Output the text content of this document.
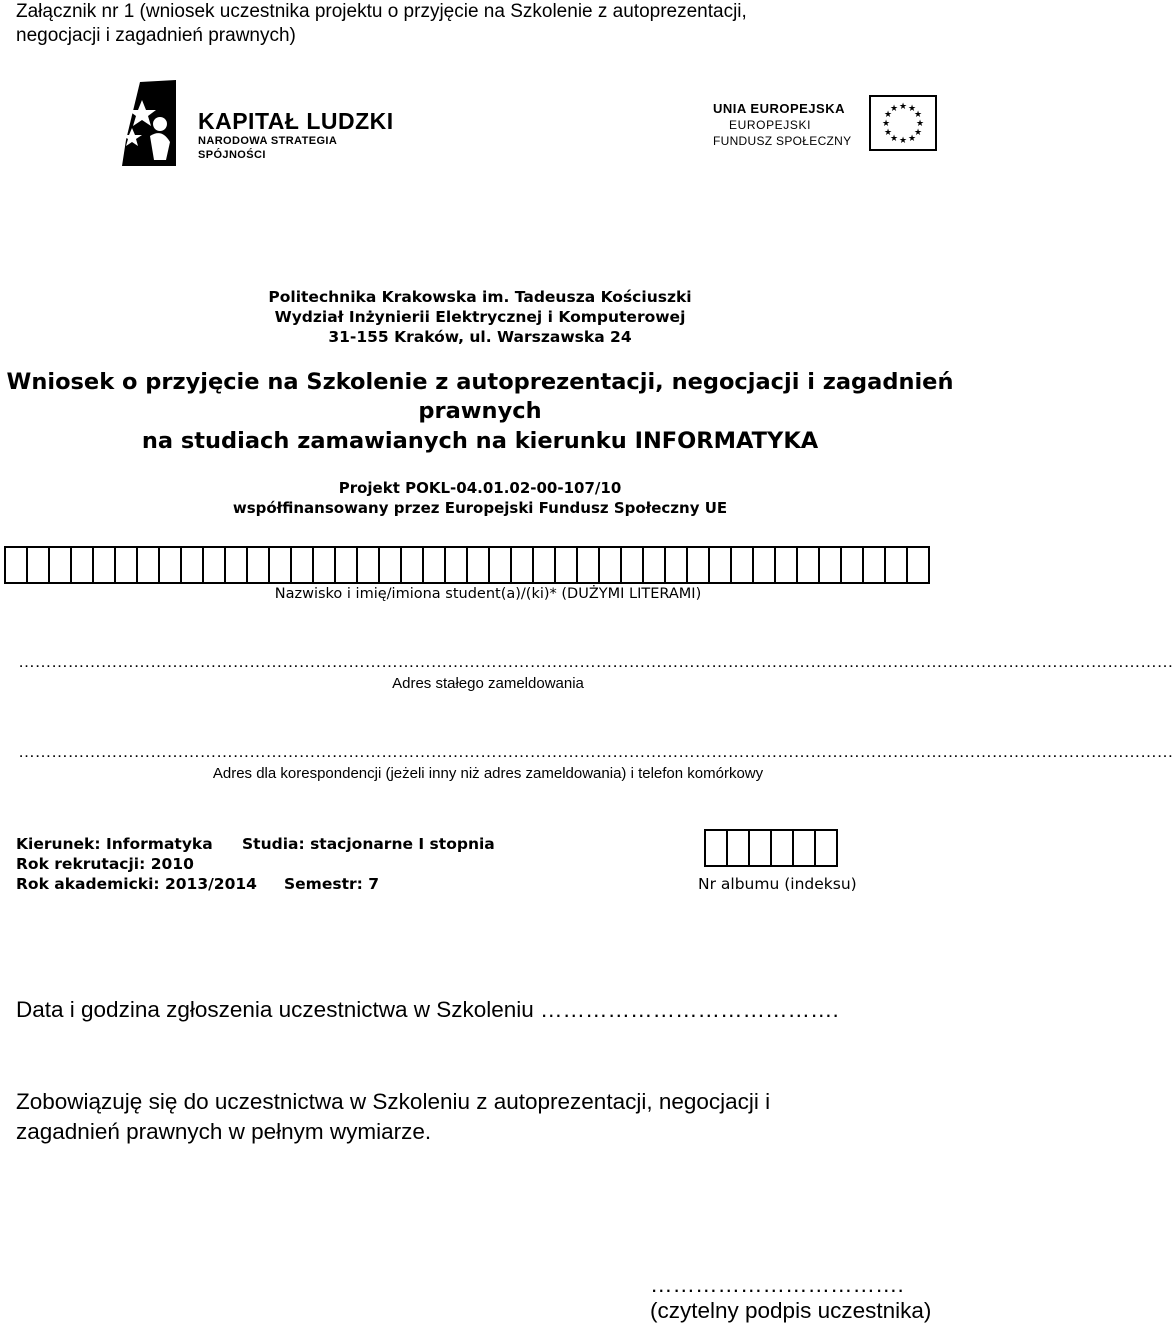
Załącznik nr 1 (wniosek uczestnika projektu o przyjęcie na Szkolenie z autoprezentacji,
negocjacji i zagadnień prawnych)
KAPITAŁ LUDZKI
NARODOWA STRATEGIA SPÓJNOŚCI
UNIA EUROPEJSKA
EUROPEJSKI
FUNDUSZ SPOŁECZNY
★ ★
★
★
★
★
★
★
★
★
★
★
Politechnika Krakowska im. Tadeusza Kościuszki
Wydział Inżynierii Elektrycznej i Komputerowej
31-155 Kraków, ul. Warszawska 24
Wniosek o przyjęcie na Szkolenie z autoprezentacji, negocjacji i zagadnień
prawnych
na studiach zamawianych na kierunku INFORMATYKA
Projekt POKL-04.01.02-00-107/10
współfinansowany przez Europejski Fundusz Społeczny UE
Nazwisko i imię/imiona student(a)/(ki)* (DUŻYMI LITERAMI)
…………………………………………………………………………………………………………………………………………………………………………………………
Adres stałego zameldowania
…………………………………………………………………………………………………………………………………………………………………………………………
Adres dla korespondencji (jeżeli inny niż adres zameldowania) i telefon komórkowy
Kierunek: Informatyka Studia: stacjonarne I stopnia
Rok rekrutacji: 2010
Rok akademicki: 2013/2014 Semestr: 7	Nr albumu (indeksu)
Data i godzina zgłoszenia uczestnictwa w Szkoleniu ………………………………….
Zobowiązuję się do uczestnictwa w Szkoleniu z autoprezentacji, negocjacji i
zagadnień prawnych w pełnym wymiarze.
…………………………….
(czytelny podpis uczestnika)
